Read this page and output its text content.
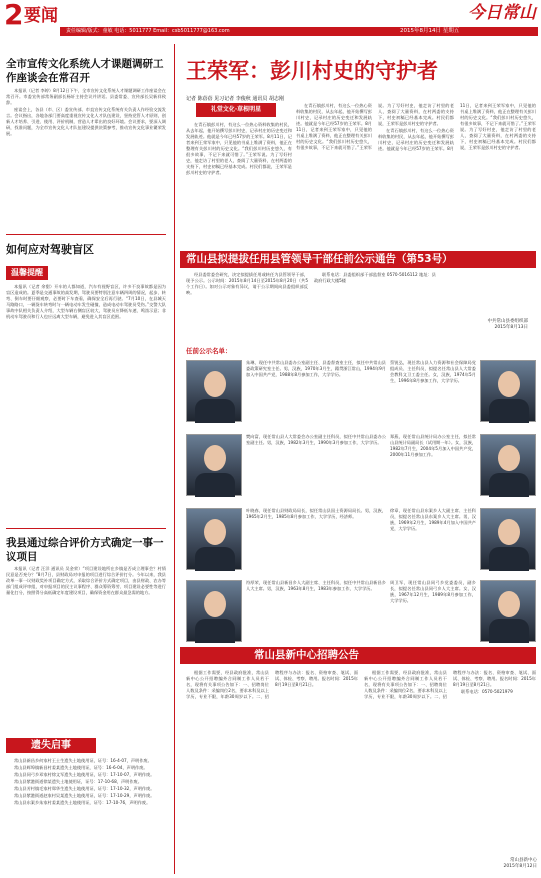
2 要闻	今日常山
责任编辑/版式：童敏 电话：5011777 Email：csb5011777@163.com	2015年8月14日 星期五
全市宣传文化系统人才课题调研工作座谈会在常召开

本报讯（记者 李婷）8月12日下午，全市宣传文化系统人才课题调研工作座谈会在常召开。市委宣传部常务副部长杨轩主持会议并讲话。县委常委、宣传部长吴新祥致辞。

座谈会上，各县（市、区）委宣传部、市直宣传文化系统有关负责人作经验交流发言。会议指出，各地各部门要高度重视宣传文化人才队伍建设，坚持党管人才原则，创新人才培养、引进、使用、评价机制，营造人才辈出的良好环境。会议要求，要深入调研，找准问题，为全市宣传文化人才队伍建设提供决策参考，推动宣传文化事业繁荣发展。

如何应对驾驶盲区
温馨提醒

本报讯（记者 余甜）开车的人都知道，汽车有视野盲区，许多不良事故都是因为盲区造成的。夏季是交通事故的高发期，驾驶员要特别注意车辆四周的情况，起步、转弯、倒车时要仔细观察，必要时下车查看，确保安全后再行驶。“7月10日，在县城天马路路口，一辆货车转弯时与一辆电动车发生碰撞，造成电动车驾驶员受伤。”交警大队事故中队相关负责人介绍，大型车辆右侧盲区较大，驾驶员应降低车速、鸣笛示意；非机动车驾驶员和行人也应远离大型车辆，避免进入其盲区范围。

我县通过综合评价方式确定一事一议项目

本报讯（记者 汪洋 通讯员 吴金荣）“项目建设地所在乡镇是否成立理事会？村情民意是否充分？”8月7日，县财政局对申报的项目进行综合评价打分。今年以来，我县改革一事一议财政奖补项目确定方式，采取综合评价方式确定项目，由县财政、农办等部门组成评审组，对申报项目的民主议事程序、群众筹资筹劳、项目建设必要性等进行量化打分，按照得分高低确定年度建设项目，确保资金用在群众最急需的地方。

遗失启事

常山县新昌乡何家村王土生遗失土地使用证，证号：16-4-07，声明作废。

常山县辉埠镇新昌村姜某遗失土地使用证，证号：16-6-04，声明作废。

常山县同弓乡邓家村徐文军遗失土地使用证，证号：17-10-07，声明作废。

常山县紫港街道徐某遗失土地使用证，证号：17-10-68，声明作废。

常山县芳村镇毛家村郑华生遗失土地使用证，证号：17-10-32，声明作废。

常山县紫港街道赵家村吴某遗失土地使用证，证号：17-10-29，声明作废。

常山县东案乡朱家村姜某遗失土地使用证，证号：17-10-76，声明作废。

王荣军：彭川村史的守护者
记者 陈蓓蓓 见习记者 李俊秋 通讯员 胡志刚
礼堂文化·草根明星

在青石镇彭川村，有这么一位热心资料收集的村民，从去年起，他开始撰写彭川村史，记录村庄的历史变迁和发展轨迹。他就是今年已经57岁的王荣军。8月11日，记者来到王荣军家中，只见他的书桌上堆满了资料，他正在整理有关彭川村的历史文化。“我们彭川村历史悠久，有很多故事，不记下来就可惜了。”王荣军说。为了写好村史，他走访了村里的老人，查阅了大量资料，在村两委的支持下，村史初稿已经基本完成。村民们都说，王荣军是彭川村史的守护者。

在青石镇彭川村，有这么一位热心资料收集的村民，从去年起，他开始撰写彭川村史，记录村庄的历史变迁和发展轨迹。他就是今年已经57岁的王荣军。8月11日，记者来到王荣军家中，只见他的书桌上堆满了资料，他正在整理有关彭川村的历史文化。“我们彭川村历史悠久，有很多故事，不记下来就可惜了。”王荣军说。为了写好村史，他走访了村里的老人，查阅了大量资料，在村两委的支持下，村史初稿已经基本完成。村民们都说，王荣军是彭川村史的守护者。

在青石镇彭川村，有这么一位热心资料收集的村民，从去年起，他开始撰写彭川村史，记录村庄的历史变迁和发展轨迹。他就是今年已经57岁的王荣军。8月11日，记者来到王荣军家中，只见他的书桌上堆满了资料，他正在整理有关彭川村的历史文化。“我们彭川村历史悠久，有很多故事，不记下来就可惜了。”王荣军说。为了写好村史，他走访了村里的老人，查阅了大量资料，在村两委的支持下，村史初稿已经基本完成。村民们都说，王荣军是彭川村史的守护者。

常山县拟提拔任用县管领导干部任前公示通告（第53号）

经县委常委会研究，决定拟提拔任用或转任为县管领导干部，现予公示。公示时间：2015年8月14日至2015年8月20日（共5个工作日）。如对公示对象有异议，请于公示期间向县委组织部反映。

联系电话：县委组织部干部监督室 0570-5016112 地址：县政府行政大楼5楼

中共常山县委组织部
2015年8月13日
任前公示名单：
朱琳，现任中共常山县委办公室副主任、县委督查室主任，拟任中共常山县委政策研究室主任。男，汉族，1970年3月生，籍贯浙江常山，1994年9月加入中国共产党，1988年8月参加工作，大学学历。
樊向富，现任常山县人大常委会办公室副主任科员，拟任中共常山县委办公室副主任。男，汉族，1982年3月生，1990年3月参加工作，大学学历。
叶晓春，现任常山县财政局局长，拟任常山县国土资源局局长。男，汉族，1965年2月生，1985年8月参加工作，大学学历，经济师。
符厚荣，现任常山县新昌乡人大副主席、主任科员，拟任中共常山县新昌乡人大主席。男，汉族，1963年8月生，1983年参加工作，大学学历。
蔡锐弘，现任常山县人力资源和社会保障局党组成员、主任科员，拟提名任常山县人大常委会教科文卫工委主任。女，汉族，1974年5月生，1996年8月参加工作，大学学历。
郑燕，现任常山县统计局办公室主任，拟任常山县统计局副局长（试用期一年）。女，汉族，1982年7月生，2004年5月加入中国共产党，2000年11月参加工作。
徐章，现任常山县东案乡人大副主席、主任科员，拟提名任常山县东案乡人大主席。男，汉族，1969年2月生，1989年4月加入中国共产党，大学学历。
周卫军，现任常山县同弓乡党委委员，副乡长，拟提名任常山县同弓乡人大主席。女，汉族，1967年12月生，1989年8月参加工作，大学学历。
常山县新中心招聘公告

根据工作需要，经县政府批准，常山县新中心公开招聘编外合同制工作人员若干名，现将有关事项公告如下：一、招聘岗位人数及条件：采编岗位2名，要求本科及以上学历，专业不限，年龄30周岁以下。二、招聘程序与办法：报名、资格审查、笔试、面试、体检、考察、聘用。报名时间：2015年8月19日至8月21日。

根据工作需要，经县政府批准，常山县新中心公开招聘编外合同制工作人员若干名，现将有关事项公告如下：一、招聘岗位人数及条件：采编岗位2名，要求本科及以上学历，专业不限，年龄30周岁以下。二、招聘程序与办法：报名、资格审查、笔试、面试、体检、考察、聘用。报名时间：2015年8月19日至8月21日。

联系电话：0570-5021979

常山县新中心
2015年8月12日
